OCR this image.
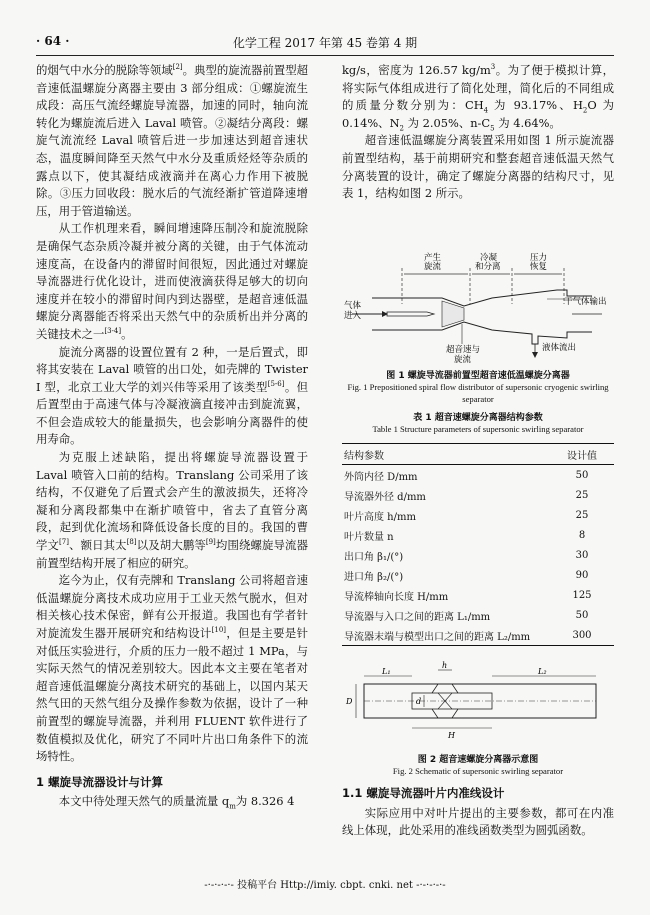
· 64 ·	化学工程 2017 年第 45 卷第 4 期

的烟气中水分的脱除等领域[2]。典型的旋流器前置型超音速低温螺旋分离器主要由 3 部分组成：①螺旋流生成段：高压气流经螺旋导流器，加速的同时，轴向流转化为螺旋流后进入 Laval 喷管。②凝结分离段：螺旋气流流经 Laval 喷管后进一步加速达到超音速状态，温度瞬间降至天然气中水分及重质烃烃等杂质的露点以下，使其凝结成液滴并在离心力作用下被脱除。③压力回收段：脱水后的气流经渐扩管道降速增压，用于管道输送。

从工作机理来看，瞬间增速降压制冷和旋流脱除是确保气态杂质冷凝并被分离的关键，由于气体流动速度高，在设备内的滞留时间很短，因此通过对螺旋导流器进行优化设计，进而使液滴获得足够大的切向速度并在较小的滞留时间内到达器壁，是超音速低温螺旋分离器能否将采出天然气中的杂质析出并分离的关键技术之一[3-4]。

旋流分离器的设置位置有 2 种，一是后置式，即将其安装在 Laval 喷管的出口处，如壳牌的 Twister I 型，北京工业大学的刘兴伟等采用了该类型[5-6]。但后置型由于高速气体与冷凝液滴直接冲击到旋流翼，不但会造成较大的能量损失，也会影响分离器件的使用寿命。

为克服上述缺陷，提出将螺旋导流器设置于 Laval 喷管入口前的结构。Translang 公司采用了该结构，不仅避免了后置式会产生的激波损失，还将冷凝和分离段都集中在渐扩喷管中，省去了直管分离段，起到优化流场和降低设备长度的目的。我国的曹学文[7]、额日其太[8]以及胡大鹏等[9]均围绕螺旋导流器前置型结构开展了相应的研究。

迄今为止，仅有壳牌和 Translang 公司将超音速低温螺旋分离技术成功应用于工业天然气脱水，但对相关核心技术保密，鲜有公开报道。我国也有学者针对旋流发生器开展研究和结构设计[10]，但是主要是针对低压实验进行，介质的压力一般不超过 1 MPa，与实际天然气的情况差别较大。因此本文主要在笔者对超音速低温螺旋分离技术研究的基础上，以国内某天然气田的天然气组分及操作参数为依据，设计了一种前置型的螺旋导流器，并利用 FLUENT 软件进行了数值模拟及优化，研究了不同叶片出口角条件下的流场特性。

1 螺旋导流器设计与计算

本文中待处理天然气的质量流量 $q_m$为 8.326 4

kg/s，密度为 126.57 $kg/m^3$。为了便于模拟计算，将实际气体组成进行了简化处理，简化后的不同组成的质量分数分别为：$CH_4$ 为 93.17%、$H_2O$ 为 0.14%、$N_2$ 为 2.05%、$n-C_5$ 为 4.64%。

超音速低温螺旋分离装置采用如图 1 所示旋流器前置型结构，基于前期研究和整套超音速低温天然气分离装置的设计，确定了螺旋分离器的结构尺寸，见表 1，结构如图 2 所示。

产生旋流
冷凝和分离
压力恢复
气体进入
干气体输出
液体流出
超音速与旋流
图 1 螺旋导流器前置型超音速低温螺旋分离器
Fig. 1 Prepositioned spiral flow distributor of supersonic cryogenic swirling separator
表 1 超音速螺旋分离器结构参数
Table 1 Structure parameters of supersonic swirling separator
结构参数	设计值
外筒内径 D/mm	50
导流器外径 d/mm	25
叶片高度 h/mm	25
叶片数量 n	8
出口角 β₁/(°)	30
进口角 β₂/(°)	90
导流棒轴向长度 H/mm	125
导流器与入口之间的距离 L₁/mm	50
导流器末端与模型出口之间的距离 L₂/mm	300
h
L₁	L₂
H
D	d
图 2 超音速螺旋分离器示意图
Fig. 2 Schematic of supersonic swirling separator
1.1 螺旋导流器叶片内准线设计

实际应用中对叶片提出的主要参数，都可在内准线上体现，此处采用的准线函数类型为圆弧函数。

-·-·-·-·- 投稿平台 Http://imiy. cbpt. cnki. net -·-·-·-·-
